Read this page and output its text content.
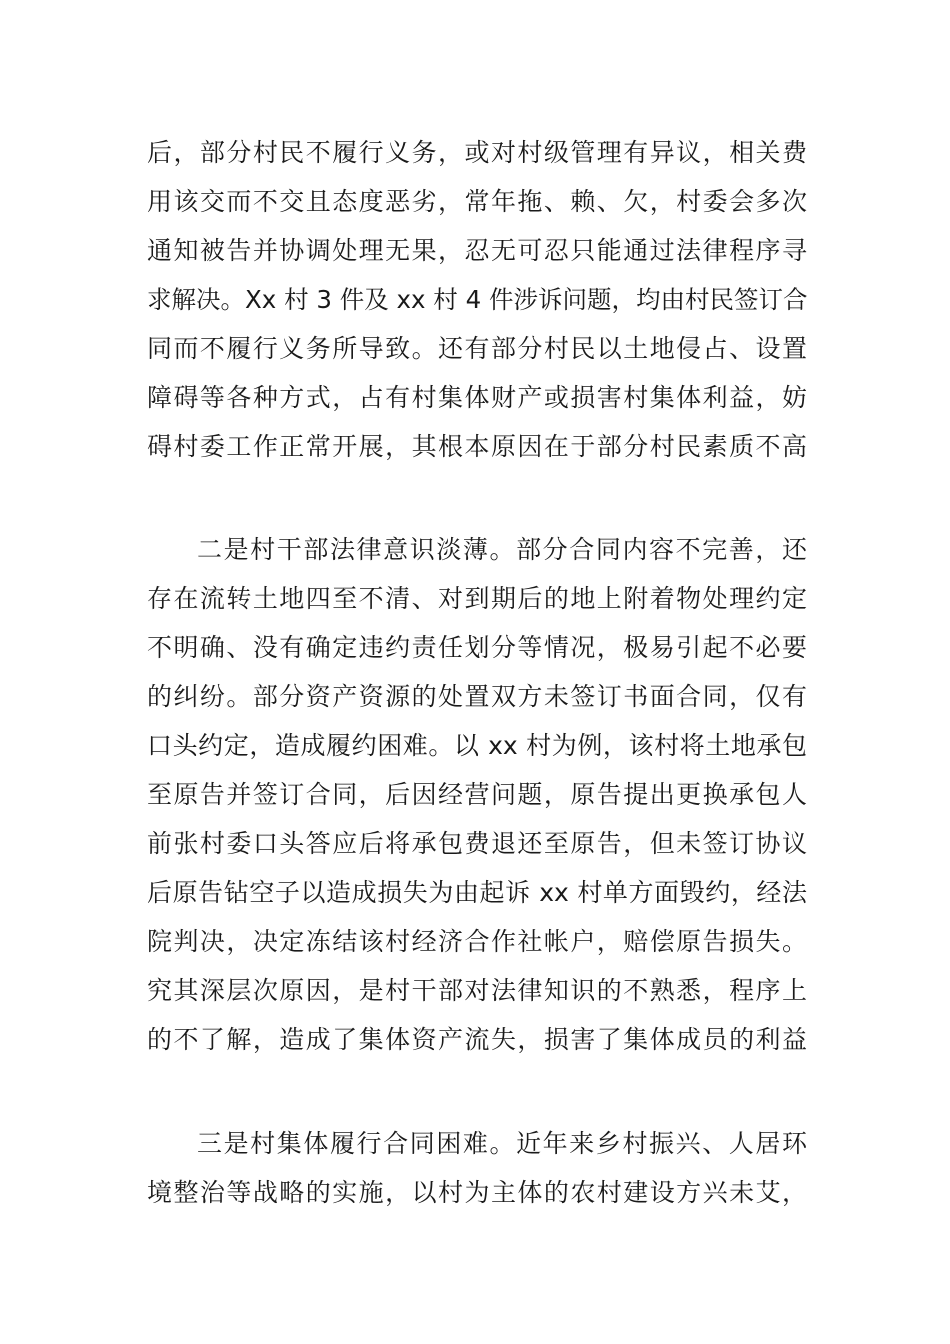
后，部分村民不履行义务，或对村级管理有异议，相关费
用该交而不交且态度恶劣，常年拖、赖、欠，村委会多次
通知被告并协调处理无果，忍无可忍只能通过法律程序寻
求解决。Xx 村 3 件及 xx 村 4 件涉诉问题，均由村民签订合
同而不履行义务所导致。还有部分村民以土地侵占、设置
障碍等各种方式，占有村集体财产或损害村集体利益，妨
碍村委工作正常开展，其根本原因在于部分村民素质不高
二是村干部法律意识淡薄。部分合同内容不完善，还
存在流转土地四至不清、对到期后的地上附着物处理约定
不明确、没有确定违约责任划分等情况，极易引起不必要
的纠纷。部分资产资源的处置双方未签订书面合同，仅有
口头约定，造成履约困难。以 xx 村为例，该村将土地承包
至原告并签订合同，后因经营问题，原告提出更换承包人
前张村委口头答应后将承包费退还至原告，但未签订协议
后原告钻空子以造成损失为由起诉 xx 村单方面毁约，经法
院判决，决定冻结该村经济合作社帐户，赔偿原告损失。
究其深层次原因，是村干部对法律知识的不熟悉，程序上
的不了解，造成了集体资产流失，损害了集体成员的利益
三是村集体履行合同困难。近年来乡村振兴、人居环
境整治等战略的实施，以村为主体的农村建设方兴未艾，
